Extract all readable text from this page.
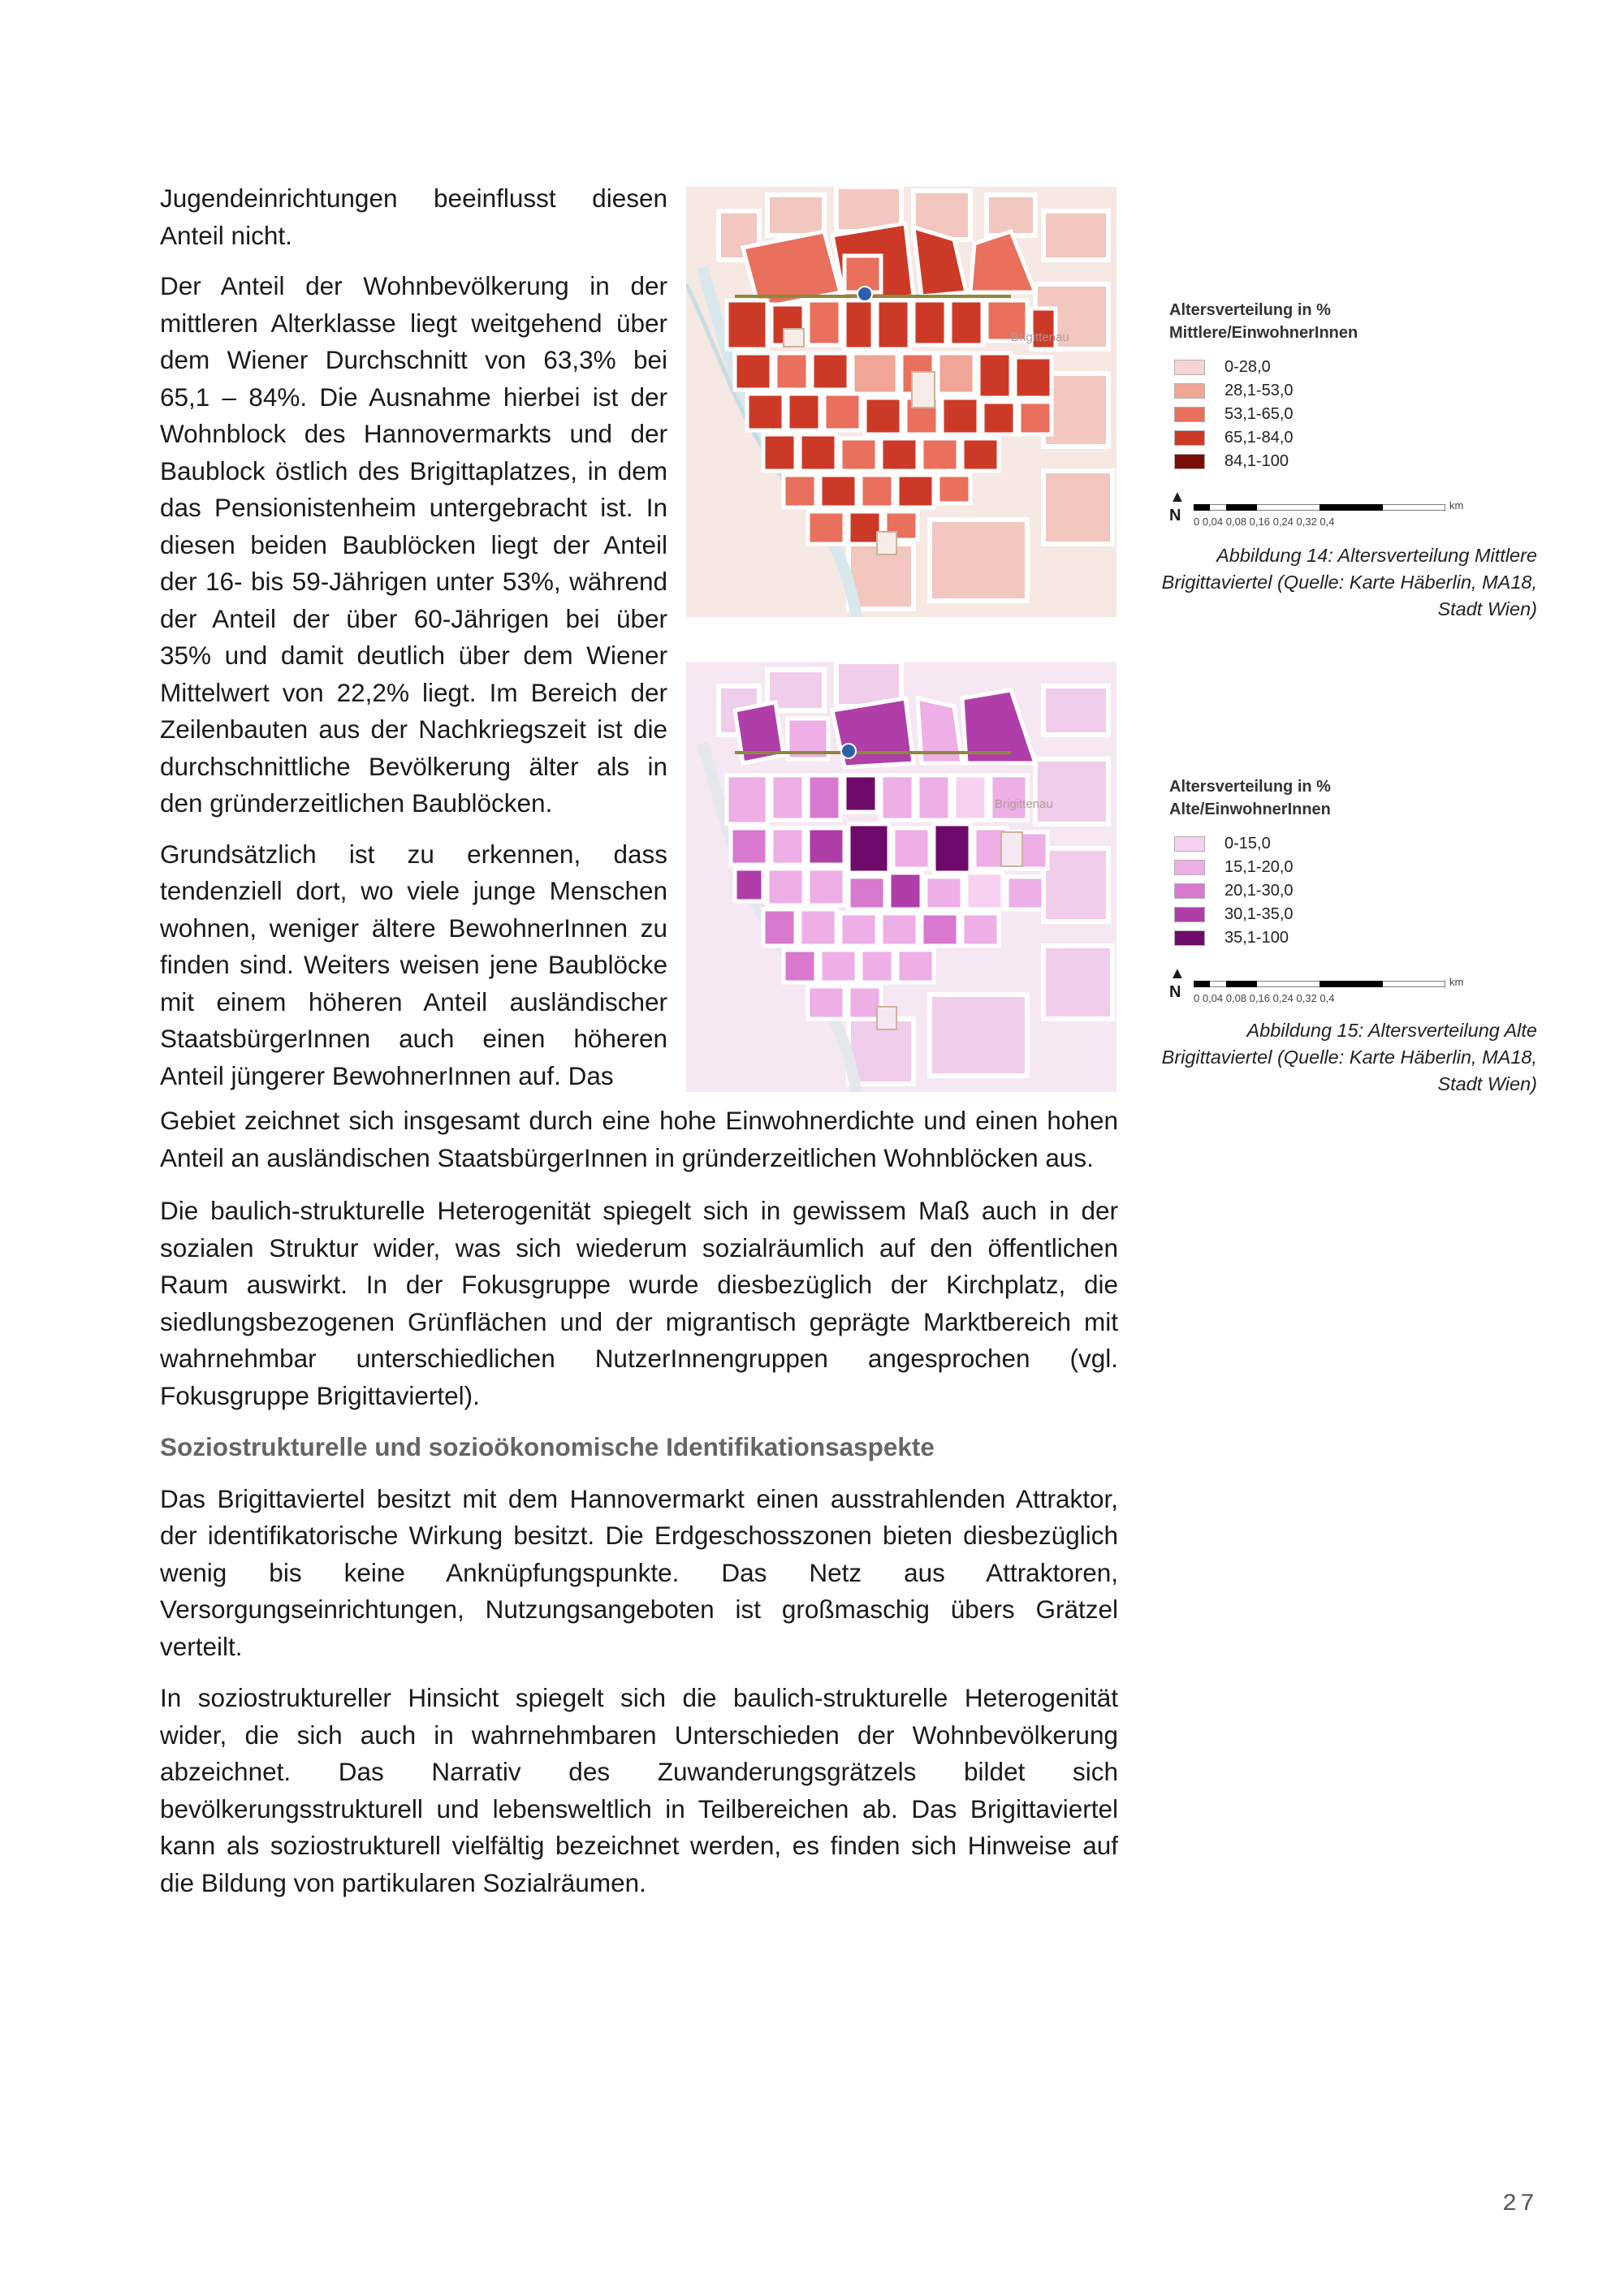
Jugendeinrichtungen beeinflusst diesen Anteil nicht.

Der Anteil der Wohnbevölkerung in der mittleren Alterklasse liegt weitgehend über dem Wiener Durchschnitt von 63,3% bei 65,1 – 84%. Die Ausnahme hierbei ist der Wohnblock des Hannovermarkts und der Baublock östlich des Brigittaplatzes, in dem das Pensionistenheim untergebracht ist. In diesen beiden Baublöcken liegt der Anteil der 16- bis 59-Jährigen unter 53%, während der Anteil der über 60-Jährigen bei über 35% und damit deutlich über dem Wiener Mittelwert von 22,2% liegt. Im Bereich der Zeilenbauten aus der Nachkriegszeit ist die durchschnittliche Bevölkerung älter als in den gründerzeitlichen Baublöcken.

Grundsätzlich ist zu erkennen, dass tendenziell dort, wo viele junge Menschen wohnen, weniger ältere BewohnerInnen zu finden sind. Weiters weisen jene Baublöcke mit einem höheren Anteil ausländischer StaatsbürgerInnen auch einen höheren Anteil jüngerer BewohnerInnen auf. Das

Gebiet zeichnet sich insgesamt durch eine hohe Einwohnerdichte und einen hohen Anteil an ausländischen StaatsbürgerInnen in gründerzeitlichen Wohnblöcken aus.

Die baulich-strukturelle Heterogenität spiegelt sich in gewissem Maß auch in der sozialen Struktur wider, was sich wiederum sozialräumlich auf den öffentlichen Raum auswirkt. In der Fokusgruppe wurde diesbezüglich der Kirchplatz, die siedlungsbezogenen Grünflächen und der migrantisch geprägte Marktbereich mit wahrnehmbar unterschiedlichen NutzerInnengruppen angesprochen (vgl. Fokusgruppe Brigittaviertel).

Soziostrukturelle und sozioökonomische Identifikationsaspekte

Das Brigittaviertel besitzt mit dem Hannovermarkt einen ausstrahlenden Attraktor, der identifikatorische Wirkung besitzt. Die Erdgeschosszonen bieten diesbezüglich wenig bis keine Anknüpfungspunkte. Das Netz aus Attraktoren, Versorgungseinrichtungen, Nutzungsangeboten ist großmaschig übers Grätzel verteilt.

In soziostruktureller Hinsicht spiegelt sich die baulich-strukturelle Heterogenität wider, die sich auch in wahrnehmbaren Unterschieden der Wohnbevölkerung abzeichnet. Das Narrativ des Zuwanderungsgrätzels bildet sich bevölkerungsstrukturell und lebensweltlich in Teilbereichen ab. Das Brigittaviertel kann als soziostrukturell vielfältig bezeichnet werden, es finden sich Hinweise auf die Bildung von partikularen Sozialräumen.

Brigittenau
Brigittenau
Altersverteilung in %
Mittlere/EinwohnerInnen
0-28,0
28,1-53,0
53,1-65,0
65,1-84,0
84,1-100
▲
N	0 0,04 0,08 0,16 0,24 0,32 0,4
km
Abbildung 14: Altersverteilung Mittlere Brigittaviertel (Quelle: Karte Häberlin, MA18, Stadt Wien)
Altersverteilung in %
Alte/EinwohnerInnen
0-15,0
15,1-20,0
20,1-30,0
30,1-35,0
35,1-100
▲
N	0 0,04 0,08 0,16 0,24 0,32 0,4
km
Abbildung 15: Altersverteilung Alte Brigittaviertel (Quelle: Karte Häberlin, MA18, Stadt Wien)
27
